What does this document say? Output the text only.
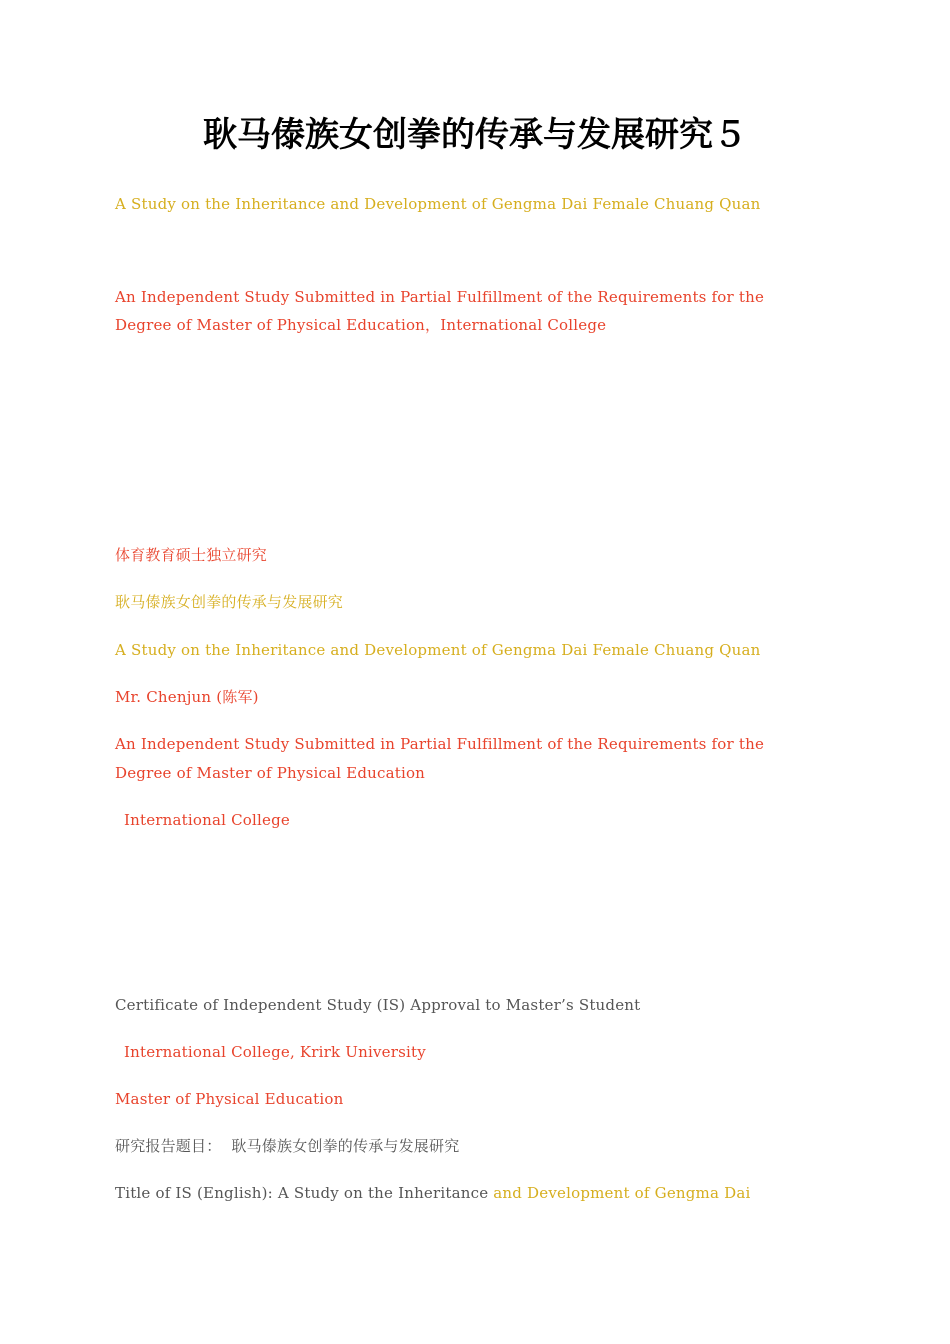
耿马傣族女创拳的传承与发展研究５
A Study on the Inheritance and Development of Gengma Dai Female Chuang Quan
An Independent Study Submitted in Partial Fulfillment of the Requirements for the
Degree of Master of Physical Education，International College
体育教育硕士独立研究
耿马傣族女创拳的传承与发展研究
A Study on the Inheritance and Development of Gengma Dai Female Chuang Quan
Mr. Chenjun (陈军)
An Independent Study Submitted in Partial Fulfillment of the Requirements for the
Degree of Master of Physical Education
International College
Certificate of Independent Study (IS) Approval to Master’s Student
International College, Krirk University
Master of Physical Education
研究报告题目： 耿马傣族女创拳的传承与发展研究
Title of IS (English): A Study on the Inheritance and Development of Gengma Dai
